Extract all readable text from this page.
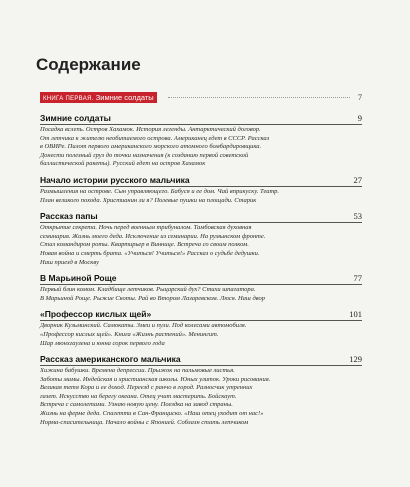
Содержание
КНИГА ПЕРВАЯ. Зимние солдаты	7
Зимние солдаты	9
Посадка вслепь. Остров Хахамок. История легенды. Антарктический договор.
От летчика к жителю необитаемого острова. Американец едет в СССР. Рассказ
в ОВИРе. Пилот первого американского морского атомного бомбардировщика.
Донести полезный груз до точки назначения (к созданию первой советской
баллистической ракеты). Русский едет на остров Хахамок
Начало истории русского мальчика	27
Размышления на острове. Сын управляющего. Бабуся и ее дом. Чай вприкуску. Театр.
План великого похода. Христианин ли я? Полевые пушки на площади. Старик
Рассказ папы	53
Открытие секрета. Ночь перед военным трибуналом. Тамбовская духовная
семинария. Жизнь моего деда. Исключение из семинарии. На румынском фронте.
Стал командиром роты. Квартирьер в Виннице. Встреча со своим полком.
Новая война и смерть брата. «Учиться! Учиться!» Рассказ о судьбе дедушки.
Наш приезд в Москву
В Марьиной Роще	77
Первый блин комом. Кладбище летчиков. Рыцарский дух? Стихи шпагатора.
В Марьиной Роще. Рыжие Скоты. Рай во Втором Лазаревском. Люся. Наш двор
«Профессор кислых щей»	101
Дворник Кузьминский. Самокаты. Змеи и пули. Под колесами автомобиля.
«Профессор кислых щей». Книга «Жизнь растений». Менингит.
Шар мюнхгаузена и юнна сорок первого года
Рассказ американского мальчика	129
Хижина бабушки. Времена депрессии. Прыжок на пальмовые листья.
Заботы мамы. Индейская и христианская школы. Юных улиток. Уроки рисования.
Великая тетя Кора и ее доход. Переезд с ранчо в город. Разносчик утренних
газет. Искусство на берегу океана. Отец учит мастерить. Бойскаут.
Встреча с самолетами. Узнаю новую цену. Поездка на завод страны.
Жизнь на ферме деда. Спагетти в Сан-Франциско. «Наш отец уходит от нас!»
Норма-спасительница. Начало войны с Японией. Соблазн стать летчиком
